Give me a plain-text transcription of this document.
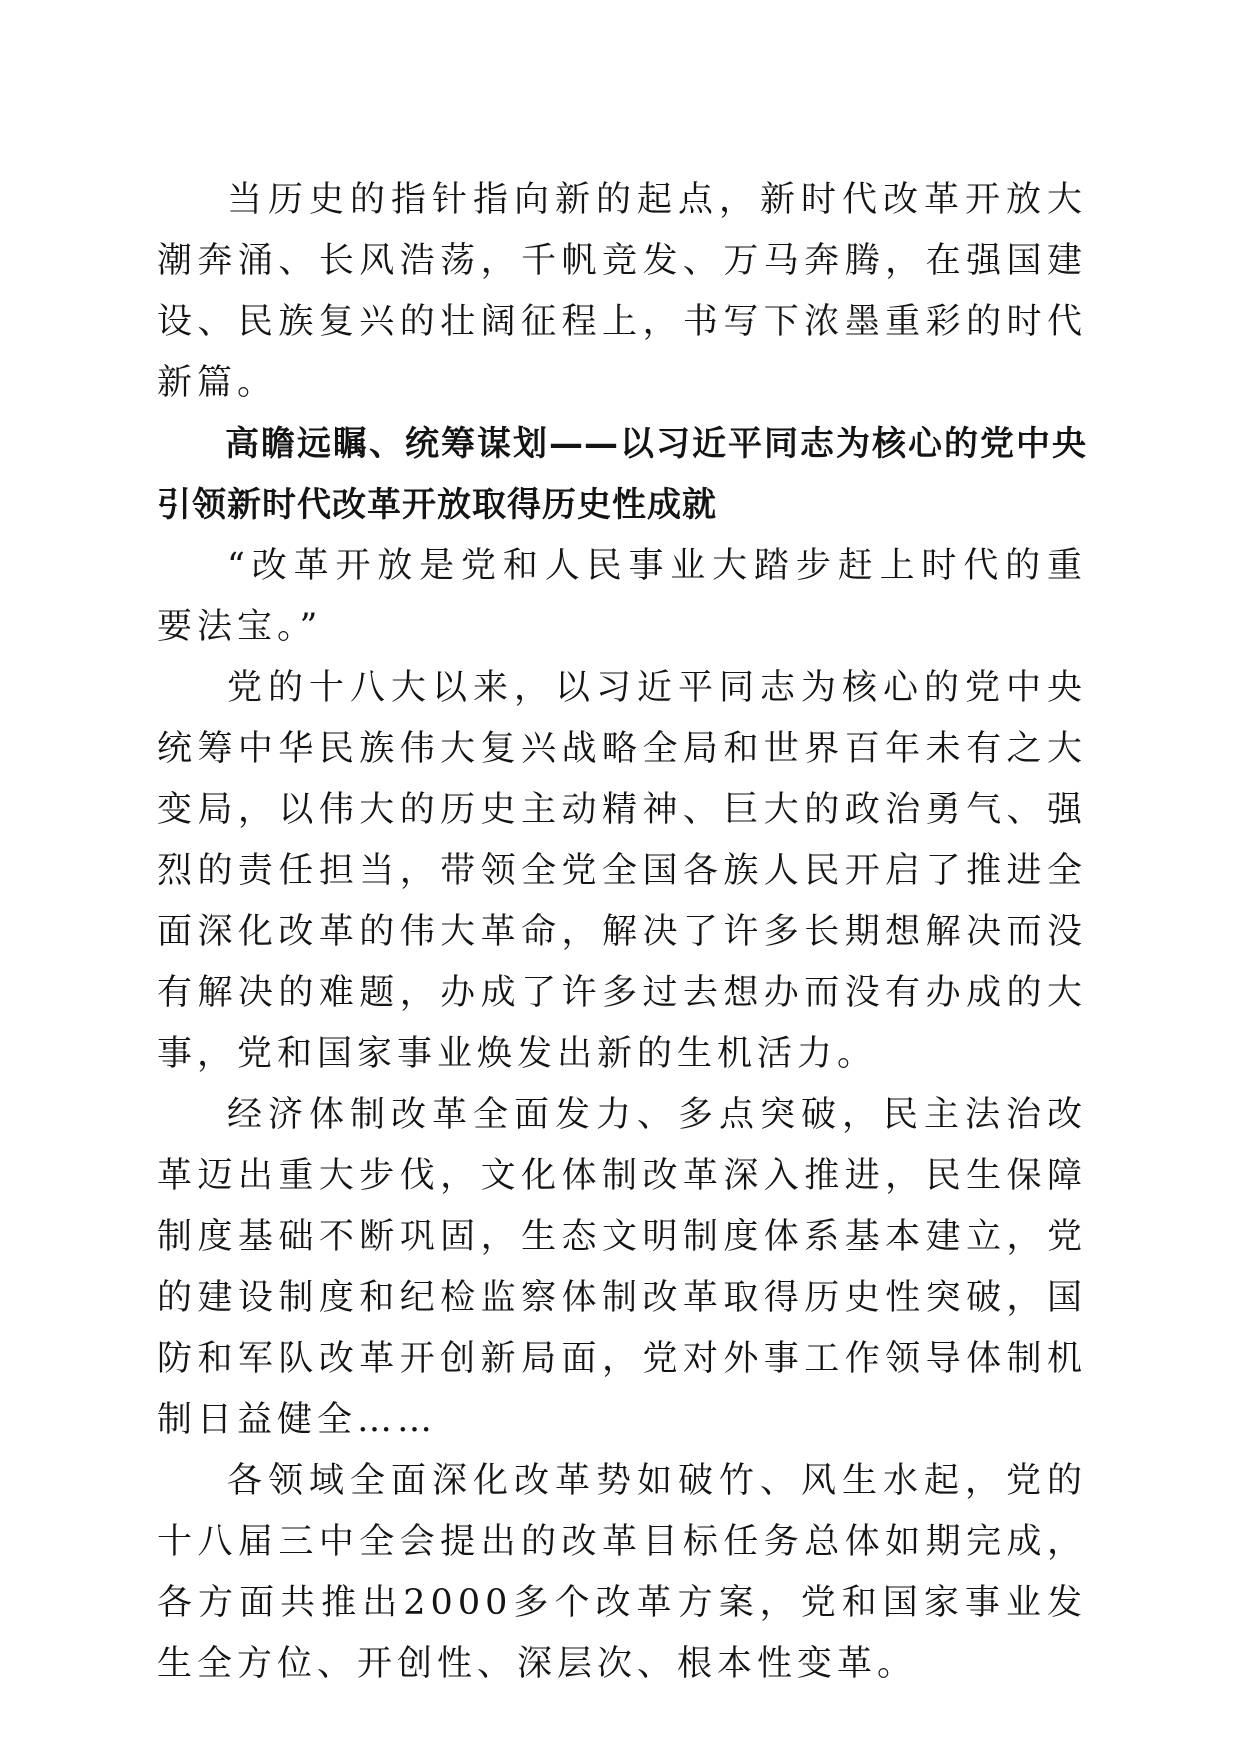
当历史的指针指向新的起点，新时代改革开放大潮奔涌、长风浩荡，千帆竞发、万马奔腾，在强国建设、民族复兴的壮阔征程上，书写下浓墨重彩的时代新篇。

高瞻远瞩、统筹谋划——以习近平同志为核心的党中央引领新时代改革开放取得历史性成就

“改革开放是党和人民事业大踏步赶上时代的重要法宝。”

党的十八大以来，以习近平同志为核心的党中央统筹中华民族伟大复兴战略全局和世界百年未有之大变局，以伟大的历史主动精神、巨大的政治勇气、强烈的责任担当，带领全党全国各族人民开启了推进全面深化改革的伟大革命，解决了许多长期想解决而没有解决的难题，办成了许多过去想办而没有办成的大事，党和国家事业焕发出新的生机活力。

经济体制改革全面发力、多点突破，民主法治改革迈出重大步伐，文化体制改革深入推进，民生保障制度基础不断巩固，生态文明制度体系基本建立，党的建设制度和纪检监察体制改革取得历史性突破，国防和军队改革开创新局面，党对外事工作领导体制机制日益健全……

各领域全面深化改革势如破竹、风生水起，党的十八届三中全会提出的改革目标任务总体如期完成，各方面共推出2000多个改革方案，党和国家事业发生全方位、开创性、深层次、根本性变革。
